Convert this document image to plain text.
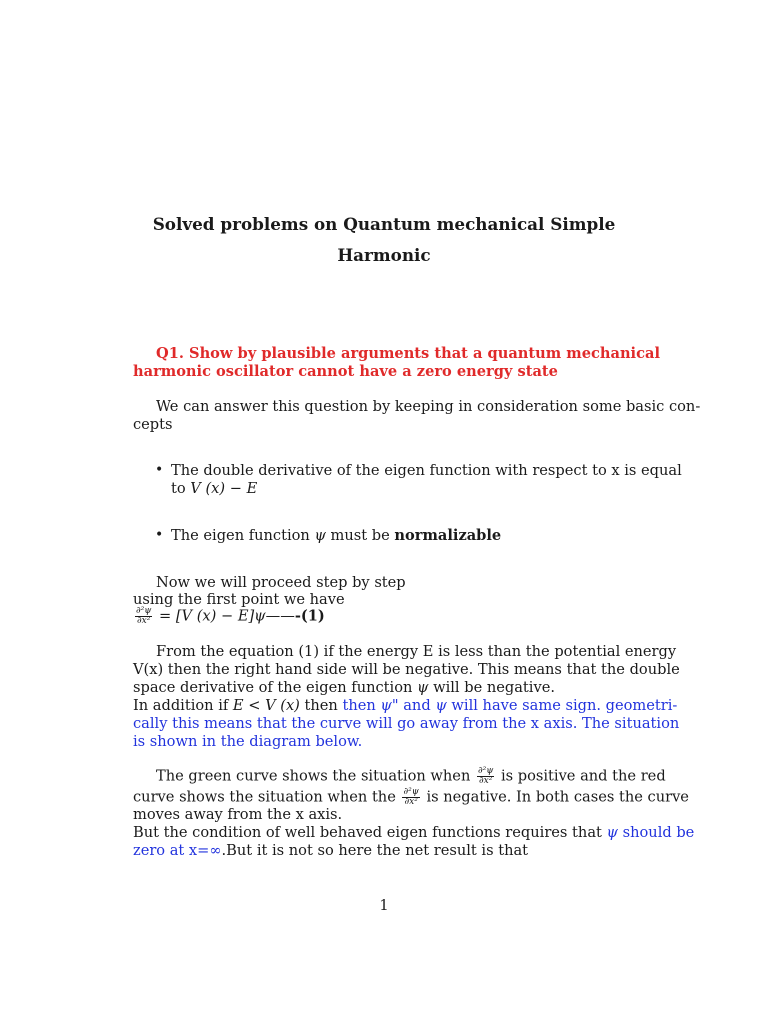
Solved problems on Quantum mechanical Simple
Harmonic
Q1. Show by plausible arguments that a quantum mechanical
harmonic oscillator cannot have a zero energy state
We can answer this question by keeping in consideration some basic con-
cepts
• The double derivative of the eigen function with respect to x is equal
to V (x) − E
• The eigen function ψ must be normalizable
Now we will proceed step by step
using the first point we have
$\frac{\text{∂²ψ}}{\text{∂x²}} = [V$ (x) − E]ψ——-(1)
From the equation (1) if the energy E is less than the potential energy
V(x) then the right hand side will be negative. This means that the double
space derivative of the eigen function ψ will be negative.
In addition if E < V (x) then then ψ" and ψ will have same sign. geometri-
cally this means that the curve will go away from the x axis. The situation
is shown in the diagram below.
The green curve shows the situation when $\frac{\text{∂²ψ}}{\text{∂x²}}$ is positive and the red
curve shows the situation when the $\frac{\text{∂²ψ}}{\text{∂x²}}$ is negative. In both cases the curve
moves away from the x axis.
But the condition of well behaved eigen functions requires that ψ should be
zero at x=∞.But it is not so here the net result is that
1
